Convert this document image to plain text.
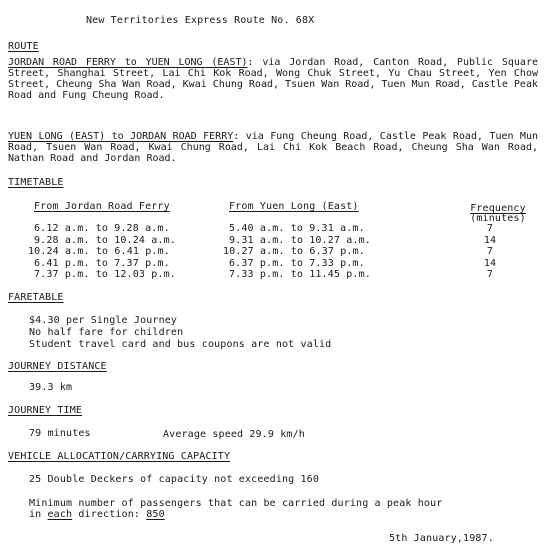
New Territories Express Route No. 68X
ROUTE
JORDAN ROAD FERRY to YUEN LONG (EAST): via Jordan Road, Canton Road, Public Square Street, Shanghai Street, Lai Chi Kok Road, Wong Chuk Street, Yu Chau Street, Yen Chow Street, Cheung Sha Wan Road, Kwai Chung Road, Tsuen Wan Road, Tuen Mun Road, Castle Peak Road and Fung Cheung Road.
YUEN LONG (EAST) to JORDAN ROAD FERRY: via Fung Cheung Road, Castle Peak Road, Tuen Mun Road, Tsuen Wan Road, Kwai Chung Road, Lai Chi Kok Beach Road, Cheung Sha Wan Road, Nathan Road and Jordan Road.
TIMETABLE
From Jordan Road Ferry	From Yuen Long (East)	Frequency
(minutes)
6.12 a.m. to 9.28 a.m.	5.40 a.m. to 9.31 a.m.	7
9.28 a.m. to 10.24 a.m.	9.31 a.m. to 10.27 a.m.	14
10.24 a.m. to 6.41 p.m.	10.27 a.m. to 6.37 p.m.	7
6.41 p.m. to 7.37 p.m.	6.37 p.m. to 7.33 p.m.	14
7.37 p.m. to 12.03 p.m.	7.33 p.m. to 11.45 p.m.	7
FARETABLE
$4.30 per Single Journey
No half fare for children
Student travel card and bus coupons are not valid
JOURNEY DISTANCE
39.3 km
JOURNEY TIME
79 minutes	Average speed 29.9 km/h
VEHICLE ALLOCATION/CARRYING CAPACITY
25 Double Deckers of capacity not exceeding 160
Minimum number of passengers that can be carried during a peak hour
in each direction: 850
5th January,1987.
